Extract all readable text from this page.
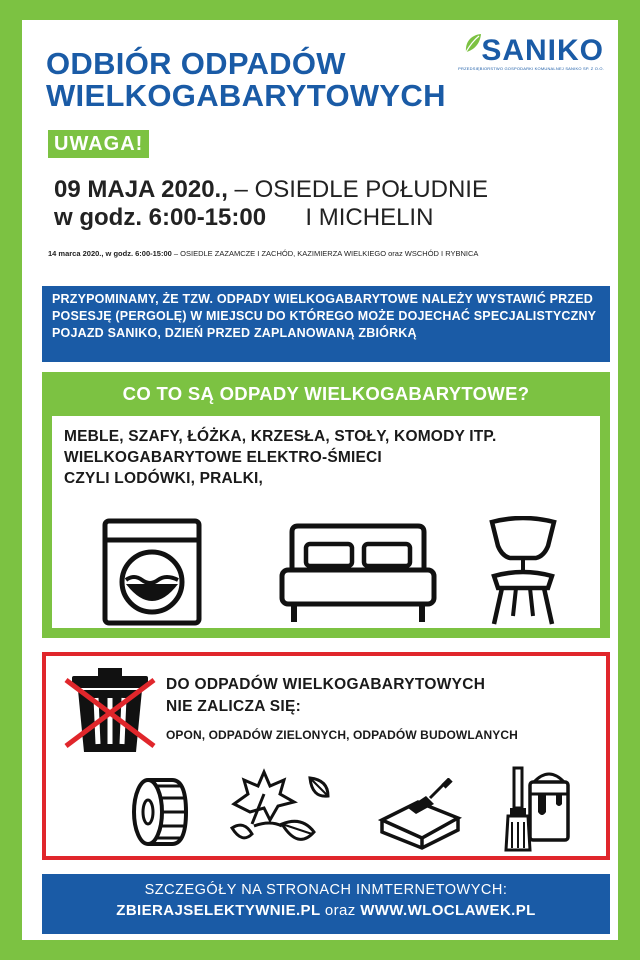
ODBIÓR ODPADÓW
WIELKOGABARYTOWYCH
SANIKO
PRZEDSIĘBIORSTWO GOSPODARKI KOMUNALNEJ SANIKO SP. Z O.O.
UWAGA!
09 MAJA 2020., – OSIEDLE POŁUDNIE
w godz. 6:00-15:00 I MICHELIN
14 marca 2020., w godz. 6:00-15:00 – OSIEDLE ZAZAMCZE I ZACHÓD, KAZIMIERZA WIELKIEGO oraz WSCHÓD I RYBNICA
PRZYPOMINAMY, ŻE TZW. ODPADY WIELKOGABARYTOWE NALEŻY WYSTAWIĆ PRZED POSESJĘ (PERGOLĘ) W MIEJSCU DO KTÓREGO MOŻE DOJECHAĆ SPECJALISTYCZNY POJAZD SANIKO, DZIEŃ PRZED ZAPLANOWANĄ ZBIÓRKĄ
CO TO SĄ ODPADY WIELKOGABARYTOWE?
MEBLE, SZAFY, ŁÓŻKA, KRZESŁA, STOŁY, KOMODY ITP.
WIELKOGABARYTOWE ELEKTRO-ŚMIECI
CZYLI LODÓWKI, PRALKI,
DO ODPADÓW WIELKOGABARYTOWYCH
NIE ZALICZA SIĘ:
OPON, ODPADÓW ZIELONYCH, ODPADÓW BUDOWLANYCH
SZCZEGÓŁY NA STRONACH INMTERNETOWYCH:
ZBIERAJSELEKTYWNIE.PL oraz WWW.WLOCLAWEK.PL
